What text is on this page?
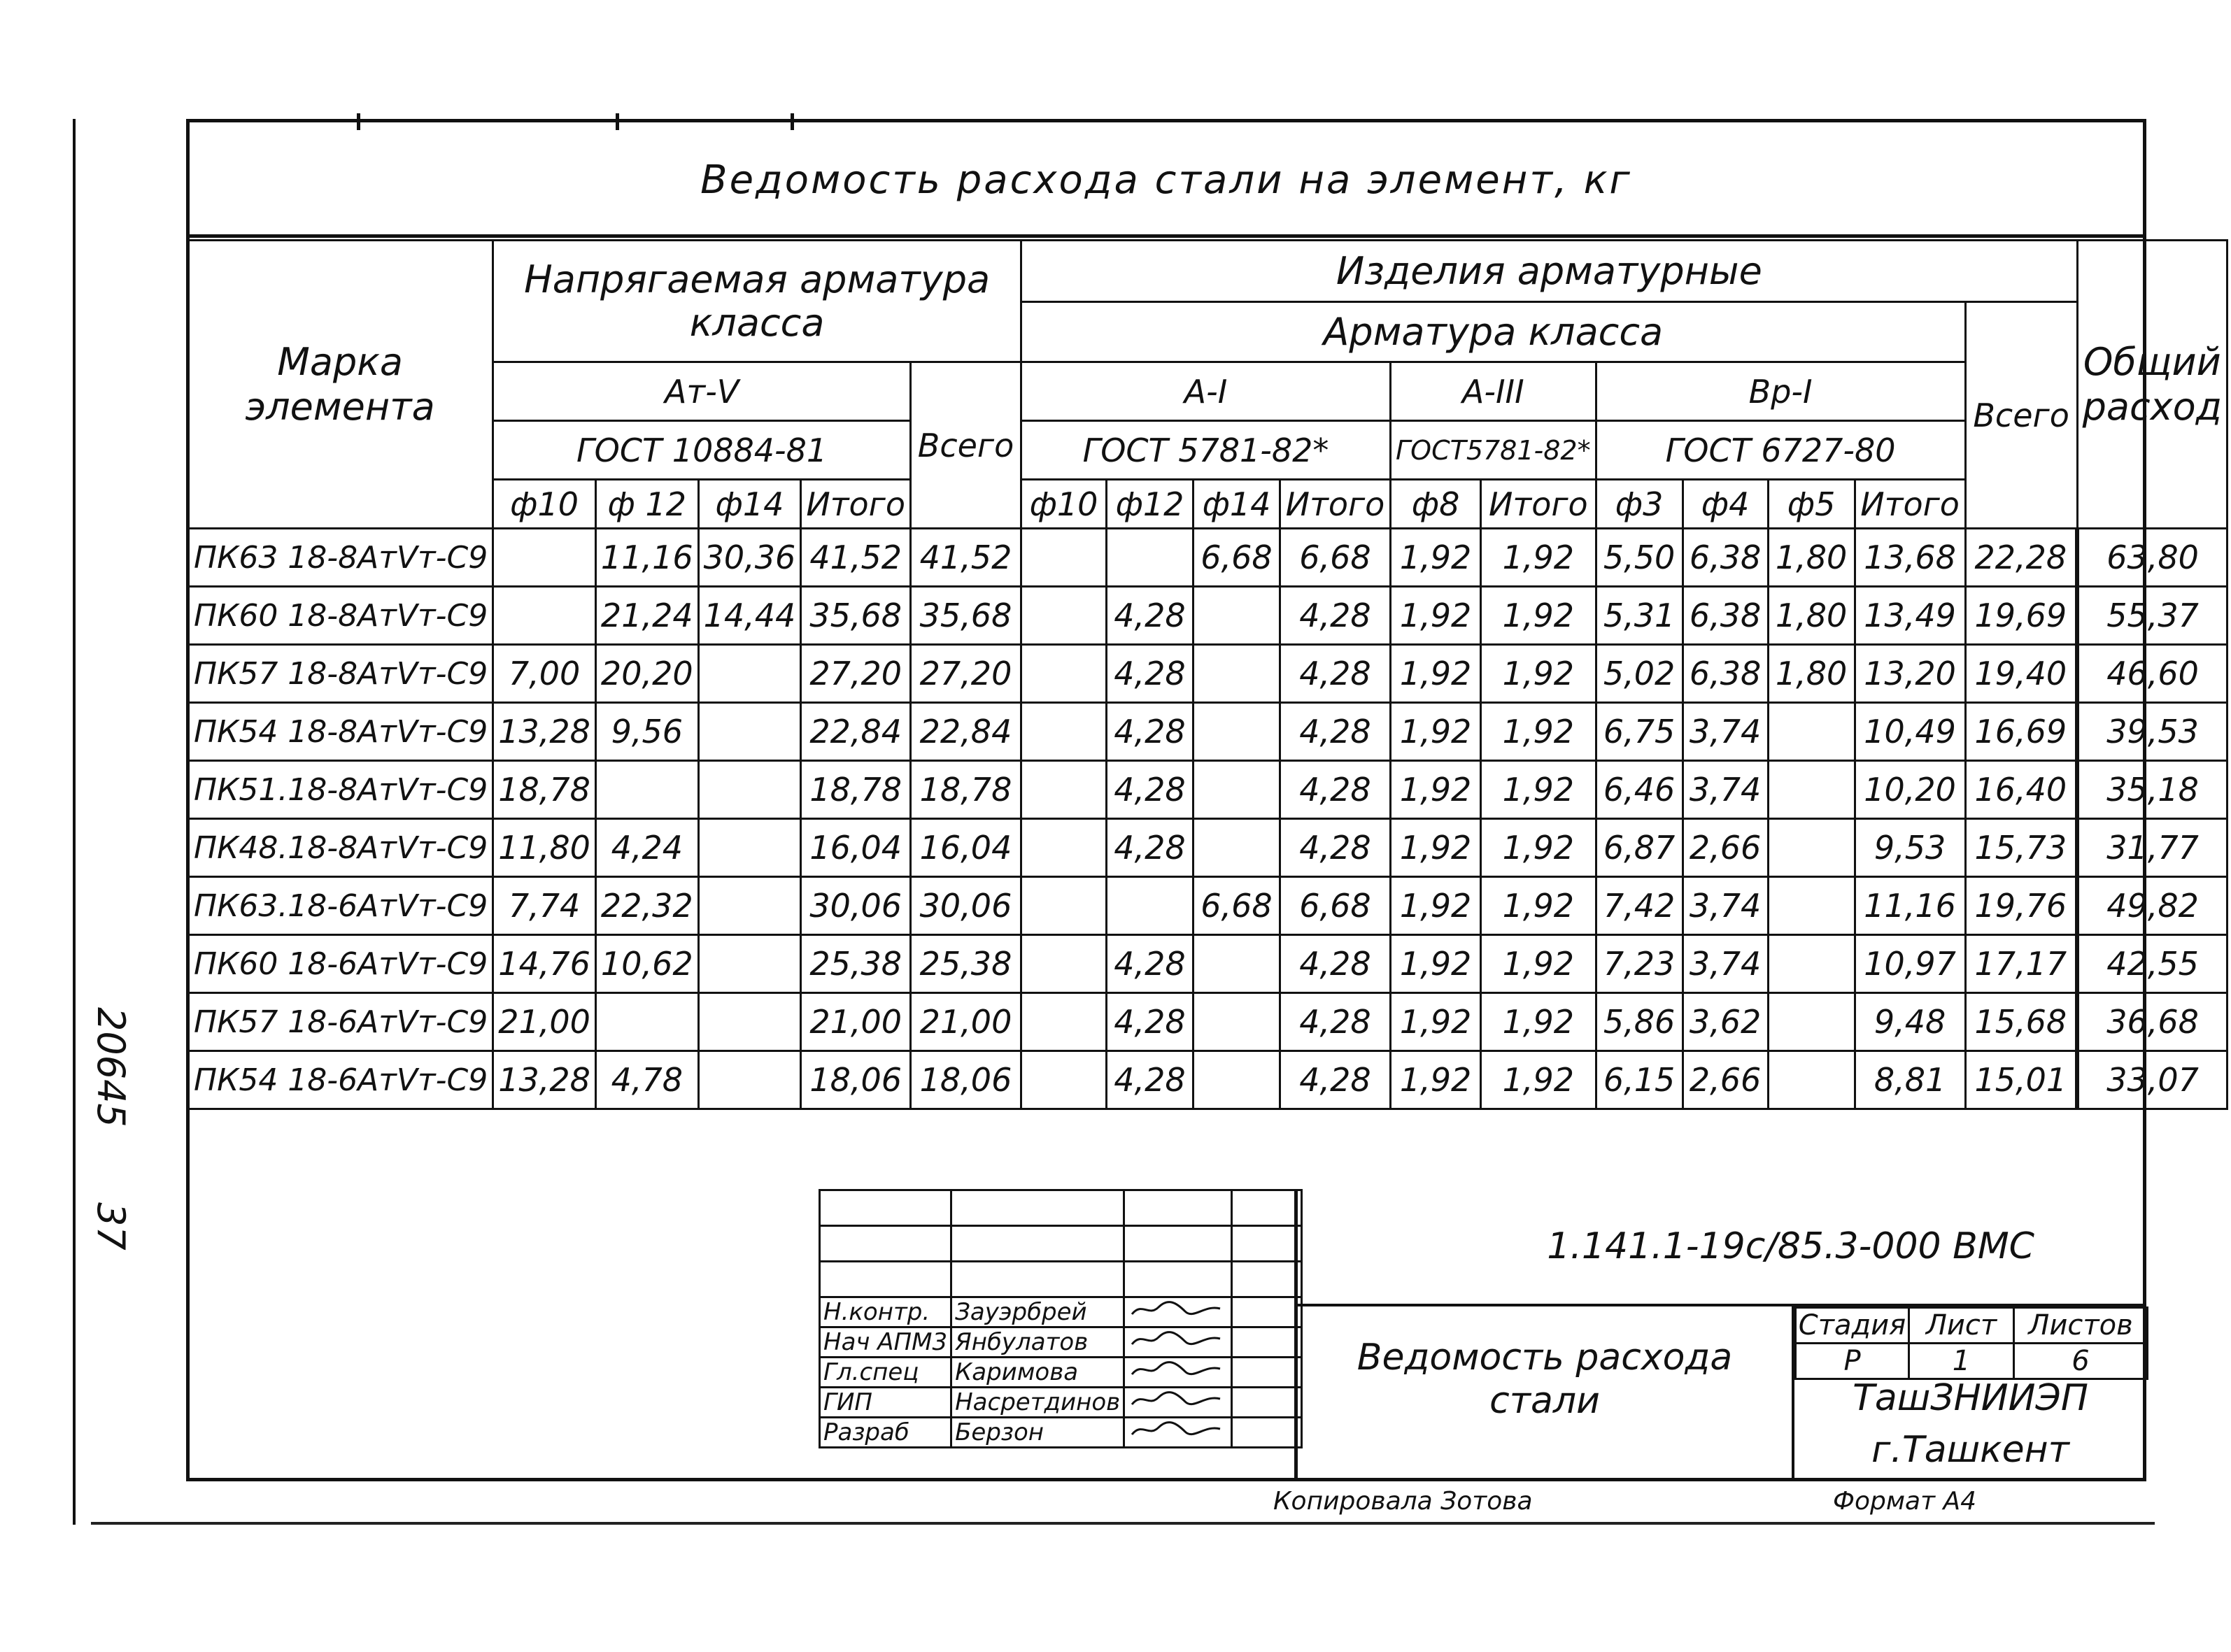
Ведомость расхода стали на элемент, кг
Марка элемента	Напрягаемая арматура класса					Изделия арматурные											Общий расход
						Арматура класса										Всего	
	Ат-V				Всего	А-I				А-III		Вр-I					
	ГОСТ 10884-81					ГОСТ 5781-82*				ГОСТ5781-82*		ГОСТ 6727-80					
	ф10	ф 12	ф14	Итого		ф10	ф12	ф14	Итого	ф8	Итого	ф3	ф4	ф5	Итого		
ПК63 18-8АтVт-С9		11,16	30,36	41,52	41,52			6,68	6,68	1,92	1,92	5,50	6,38	1,80	13,68	22,28	63,80
ПК60 18-8АтVт-С9		21,24	14,44	35,68	35,68		4,28		4,28	1,92	1,92	5,31	6,38	1,80	13,49	19,69	55,37
ПК57 18-8АтVт-С9	7,00	20,20		27,20	27,20		4,28		4,28	1,92	1,92	5,02	6,38	1,80	13,20	19,40	46,60
ПК54 18-8АтVт-С9	13,28	9,56		22,84	22,84		4,28		4,28	1,92	1,92	6,75	3,74		10,49	16,69	39,53
ПК51.18-8АтVт-С9	18,78			18,78	18,78		4,28		4,28	1,92	1,92	6,46	3,74		10,20	16,40	35,18
ПК48.18-8АтVт-С9	11,80	4,24		16,04	16,04		4,28		4,28	1,92	1,92	6,87	2,66		9,53	15,73	31,77
ПК63.18-6АтVт-С9	7,74	22,32		30,06	30,06			6,68	6,68	1,92	1,92	7,42	3,74		11,16	19,76	49,82
ПК60 18-6АтVт-С9	14,76	10,62		25,38	25,38		4,28		4,28	1,92	1,92	7,23	3,74		10,97	17,17	42,55
ПК57 18-6АтVт-С9	21,00			21,00	21,00		4,28		4,28	1,92	1,92	5,86	3,62		9,48	15,68	36,68
ПК54 18-6АтVт-С9	13,28	4,78		18,06	18,06		4,28		4,28	1,92	1,92	6,15	2,66		8,81	15,01	33,07

Н.контр.	Зауэрбрей		
Нач АПМ3	Янбулатов		
Гл.спец	Каримова		
ГИП	Насретдинов		
Разраб	Берзон		
1.141.1-19с/85.3-000 ВМС
Ведомость расхода
стали
Стадия	Лист	Листов
Р	1	6
ТашЗНИИЭП
г.Ташкент
Копировала Зотова	Формат А4
20645 37
